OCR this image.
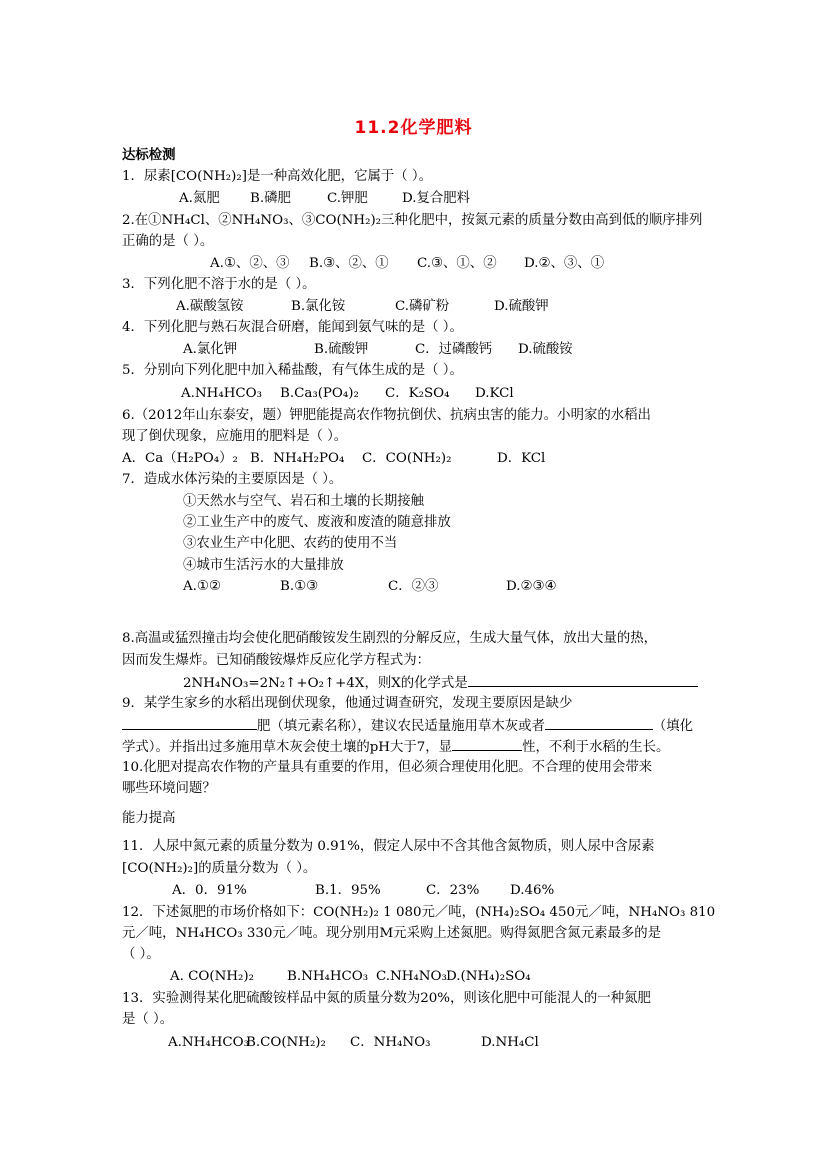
11.2化学肥料
达标检测
1．尿素[CO(NH₂)₂]是一种高效化肥，它属于（ ）。
A.氮肥 B.磷肥	C.钾肥	D.复合肥料
2.在①NH₄Cl、②NH₄NO₃、③CO(NH₂)₂三种化肥中，按氮元素的质量分数由高到低的顺序排列
正确的是（ ）。
A.①、②、③ B.③、②、① C.③、①、② D.②、③、①
3．下列化肥不溶于水的是（ ）。
A.碳酸氢铵	B.氯化铵	C.磷矿粉	D.硫酸钾
4．下列化肥与熟石灰混合研磨，能闻到氨气味的是（ ）。
A.氯化钾	B.硫酸钾	C．过磷酸钙 D.硫酸铵
5．分别向下列化肥中加入稀盐酸，有气体生成的是（ ）。
A.NH₄HCO₃ B.Ca₃(PO₄)₂ C．K₂SO₄ D.KCl
6.（2012年山东泰安，题）钾肥能提高农作物抗倒伏、抗病虫害的能力。小明家的水稻出
现了倒伏现象，应施用的肥料是（ ）。
A．Ca（H₂PO₄）₂ B．NH₄H₂PO₄ C．CO(NH₂)₂	D．KCl
7．造成水体污染的主要原因是（ ）。
①天然水与空气、岩石和土壤的长期接触
②工业生产中的废气、废液和废渣的随意排放
③农业生产中化肥、农药的使用不当
④城市生活污水的大量排放
A.①②	B.①③	C．②③	D.②③④
8.高温或猛烈撞击均会使化肥硝酸铵发生剧烈的分解反应，生成大量气体，放出大量的热，
因而发生爆炸。已知硝酸铵爆炸反应化学方程式为：
2NH₄NO₃=2N₂↑+O₂↑+4X，则X的化学式是
9．某学生家乡的水稻出现倒伏现象，他通过调查研究，发现主要原因是缺少
肥（填元素名称），建议农民适量施用草木灰或者	（填化
学式）。并指出过多施用草木灰会使土壤的pH大于7，显	性，不利于水稻的生长。
10.化肥对提高农作物的产量具有重要的作用，但必须合理使用化肥。不合理的使用会带来
哪些环境问题？
能力提高
11．人尿中氮元素的质量分数为 0.91%，假定人尿中不含其他含氮物质，则人尿中含尿素
[CO(NH₂)₂]的质量分数为（ ）。
A．0．91%	B.1．95%	C．23% D.46%
12．下述氮肥的市场价格如下：CO(NH₂)₂ 1 080元／吨，(NH₄)₂SO₄ 450元／吨，NH₄NO₃ 810
元／吨，NH₄HCO₃ 330元／吨。现分别用M元采购上述氮肥。购得氮肥含氮元素最多的是
（ ）。
A. CO(NH₂)₂ B.NH₄HCO₃ C.NH₄NO₃ D.(NH₄)₂SO₄
13．实验测得某化肥硫酸铵样品中氮的质量分数为20%，则该化肥中可能混人的一种氮肥
是（ ）。
A.NH₄HCO₃
B.CO(NH₂)₂ C．NH₄NO₃	D.NH₄Cl
